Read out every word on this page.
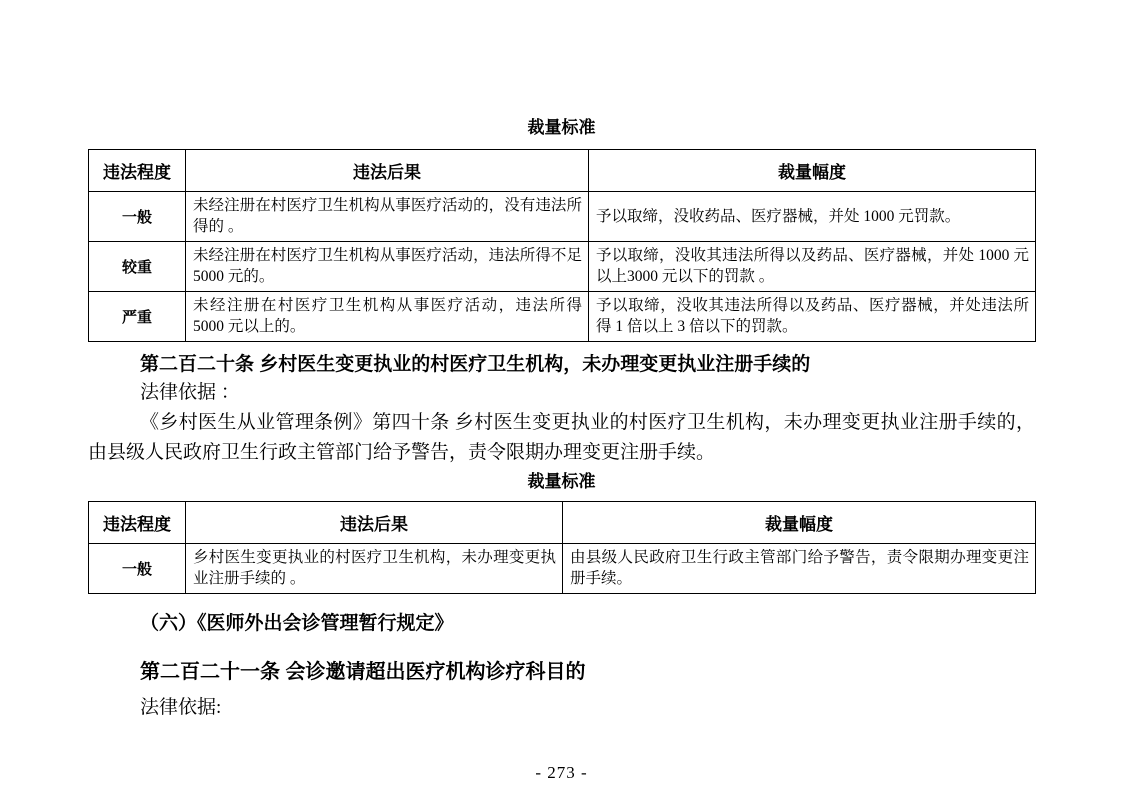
裁量标准
违法程度	违法后果	裁量幅度
一般	未经注册在村医疗卫生机构从事医疗活动的，没有违法所得的 。	予以取缔，没收药品、医疗器械，并处 1000 元罚款。
较重	未经注册在村医疗卫生机构从事医疗活动，违法所得不足 5000 元的。	予以取缔，没收其违法所得以及药品、医疗器械，并处 1000 元以上3000 元以下的罚款 。
严重	未经注册在村医疗卫生机构从事医疗活动，违法所得 5000 元以上的。	予以取缔，没收其违法所得以及药品、医疗器械，并处违法所得 1 倍以上 3 倍以下的罚款。
第二百二十条 乡村医生变更执业的村医疗卫生机构，未办理变更执业注册手续的
法律依据 ：
《乡村医生从业管理条例》第四十条 乡村医生变更执业的村医疗卫生机构，未办理变更执业注册手续的，由县级人民政府卫生行政主管部门给予警告，责令限期办理变更注册手续。
裁量标准
违法程度	违法后果	裁量幅度
一般	乡村医生变更执业的村医疗卫生机构，未办理变更执业注册手续的 。	由县级人民政府卫生行政主管部门给予警告，责令限期办理变更注册手续。
（六）《医师外出会诊管理暂行规定》
第二百二十一条 会诊邀请超出医疗机构诊疗科目的
法律依据:
- 273 -
